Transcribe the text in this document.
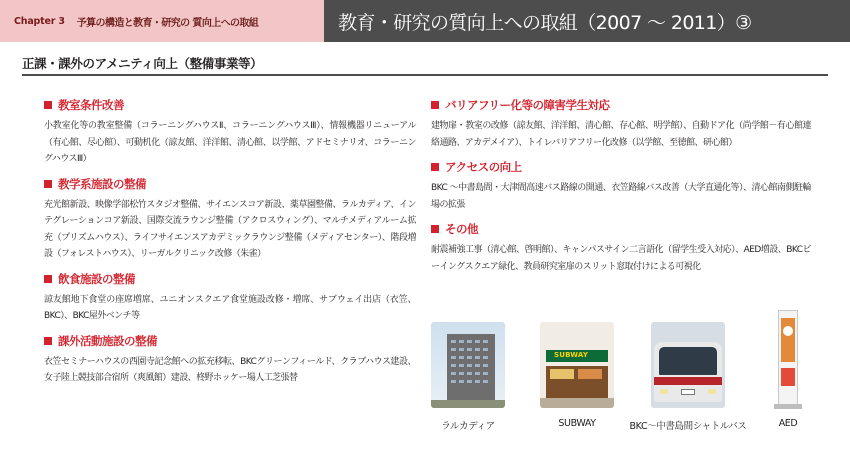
Chapter 3 予算の構造と教育・研究の 質向上への取組	教育・研究の質向上への取組（2007 ～ 2011）③
正課・課外のアメニティ向上（整備事業等）
教室条件改善
小教室化等の教室整備（コラーニングハウスⅡ、コラーニングハウスⅢ）、情報機器リニューアル（有心館、尽心館）、可動机化（諒友館、洋洋館、清心館、以学館、アドセミナリオ、コラーニングハウスⅢ）
教学系施設の整備
充光館新設、映像学部松竹スタジオ整備、サイエンスコア新設、薬草園整備、ラルカディア、インテグレーションコア新設、国際交流ラウンジ整備（アクロスウィング）、マルチメディアルーム拡充（プリズムハウス）、ライフサイエンスアカデミックラウンジ整備（メディアセンター）、階段増設（フォレストハウス）、リーガルクリニック改修（朱雀）
飲食施設の整備
諒友館地下食堂の座席増席、ユニオンスクエア食堂施設改修・増席、サブウェイ出店（衣笠、BKC）、BKC屋外ベンチ等
課外活動施設の整備
衣笠セミナーハウスの西園寺記念館への拡充移転、BKCグリーンフィールド、クラブハウス建設、女子陸上競技部合宿所（爽風館）建設、柊野ホッケー場人工芝張替
バリアフリー化等の障害学生対応
建物扉・教室の改修（諒友館、洋洋館、清心館、存心館、明学館）、自動ドア化（尚学館－有心館連絡通路、アカデメイア）、トイレバリアフリー化改修（以学館、至徳館、研心館）
アクセスの向上
BKC ～中書島間・大津間高速バス路線の開通、衣笠路線バス改善（大学直通化等）、清心館南側駐輪場の拡張
その他
耐震補強工事（清心館、啓明館）、キャンパスサイン二言語化（留学生受入対応）、AED増設、BKCビーイングスクエア緑化、教員研究室扉のスリット窓取付けによる可視化
ラルカディア
SUBWAY
SUBWAY	BKC～中書島間シャトルバス	AED
